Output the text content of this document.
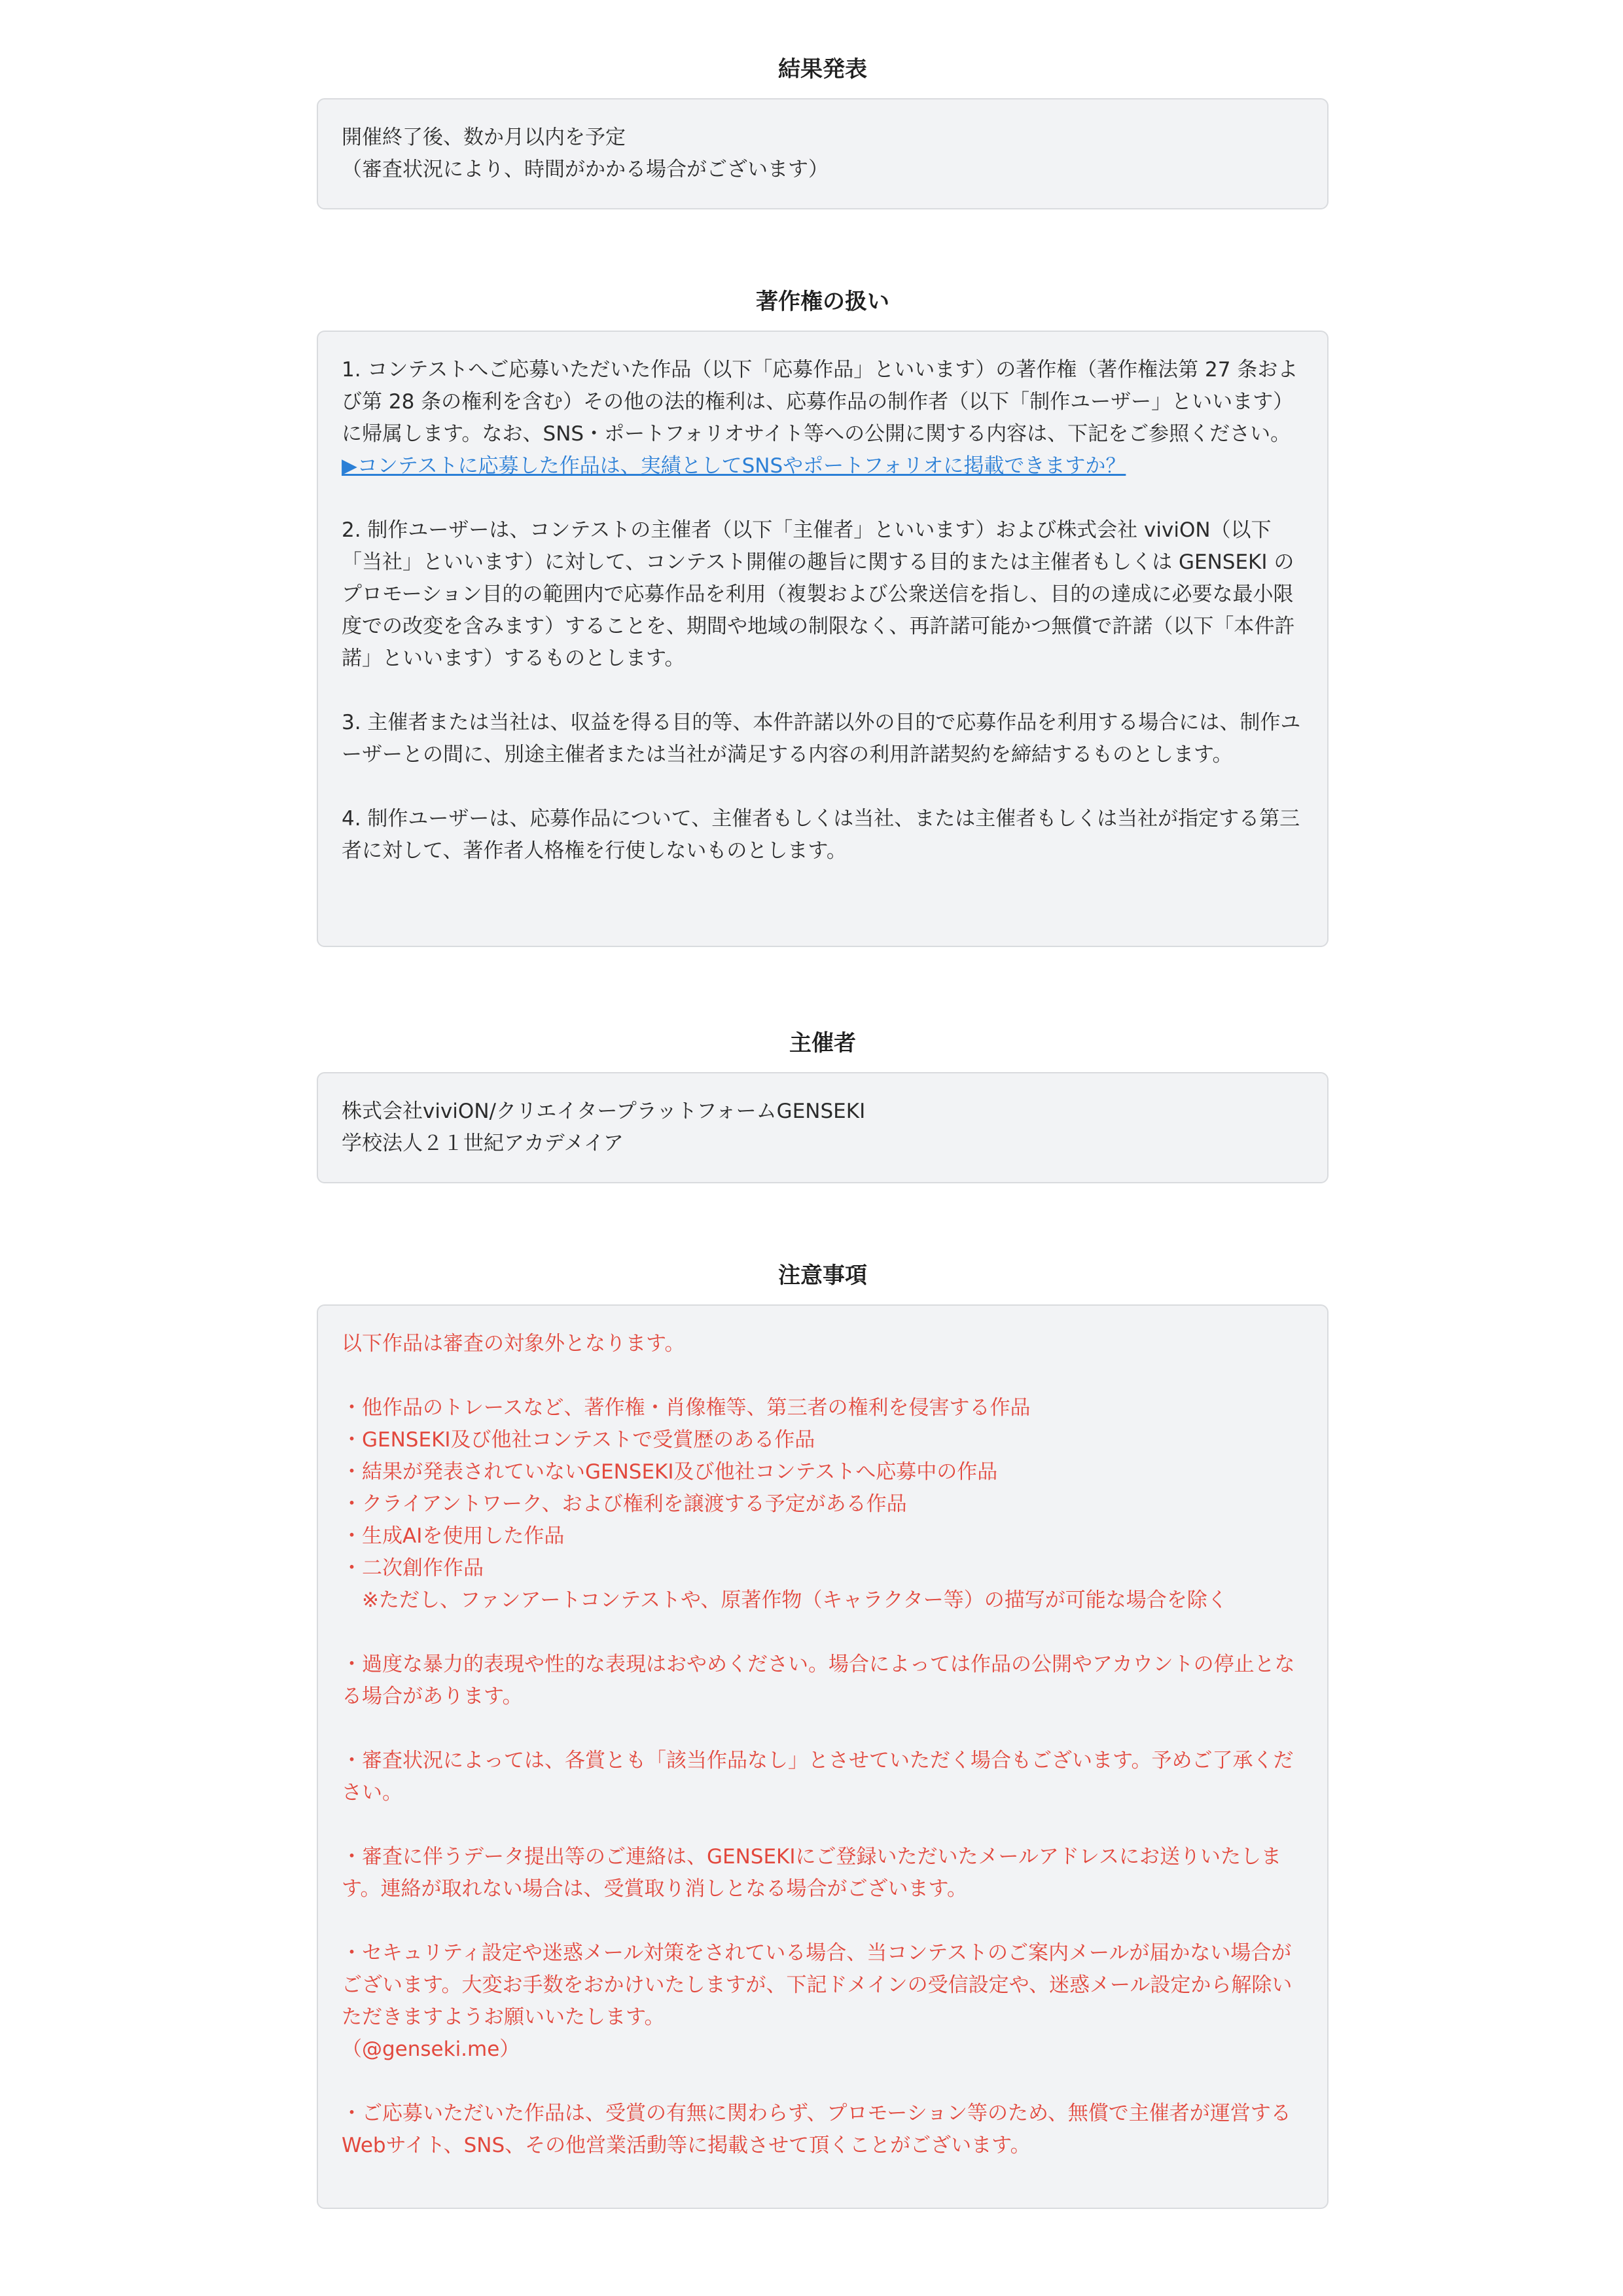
結果発表

開催終了後、数か月以内を予定

（審査状況により、時間がかかる場合がございます）

著作権の扱い

1. コンテストへご応募いただいた作品（以下「応募作品」といいます）の著作権（著作権法第 27 条および第 28 条の権利を含む）その他の法的権利は、応募作品の制作者（以下「制作ユーザー」といいます）に帰属します。なお、SNS・ポートフォリオサイト等への公開に関する内容は、下記をご参照ください。

▶コンテストに応募した作品は、実績としてSNSやポートフォリオに掲載できますか？

2. 制作ユーザーは、コンテストの主催者（以下「主催者」といいます）および株式会社 viviON（以下「当社」といいます）に対して、コンテスト開催の趣旨に関する目的または主催者もしくは GENSEKI のプロモーション目的の範囲内で応募作品を利用（複製および公衆送信を指し、目的の達成に必要な最小限度での改変を含みます）することを、期間や地域の制限なく、再許諾可能かつ無償で許諾（以下「本件許諾」といいます）するものとします。

3. 主催者または当社は、収益を得る目的等、本件許諾以外の目的で応募作品を利用する場合には、制作ユーザーとの間に、別途主催者または当社が満足する内容の利用許諾契約を締結するものとします。

4. 制作ユーザーは、応募作品について、主催者もしくは当社、または主催者もしくは当社が指定する第三者に対して、著作者人格権を行使しないものとします。

主催者

株式会社viviON/クリエイタープラットフォームGENSEKI

学校法人２１世紀アカデメイア

注意事項

以下作品は審査の対象外となります。

・他作品のトレースなど、著作権・肖像権等、第三者の権利を侵害する作品

・GENSEKI及び他社コンテストで受賞歴のある作品

・結果が発表されていないGENSEKI及び他社コンテストへ応募中の作品

・クライアントワーク、および権利を譲渡する予定がある作品

・生成AIを使用した作品

・二次創作作品

　※ただし、ファンアートコンテストや、原著作物（キャラクター等）の描写が可能な場合を除く

・過度な暴力的表現や性的な表現はおやめください。場合によっては作品の公開やアカウントの停止となる場合があります。

・審査状況によっては、各賞とも「該当作品なし」とさせていただく場合もございます。予めご了承ください。

・審査に伴うデータ提出等のご連絡は、GENSEKIにご登録いただいたメールアドレスにお送りいたします。連絡が取れない場合は、受賞取り消しとなる場合がございます。

・セキュリティ設定や迷惑メール対策をされている場合、当コンテストのご案内メールが届かない場合がございます。大変お手数をおかけいたしますが、下記ドメインの受信設定や、迷惑メール設定から解除いただきますようお願いいたします。

（@genseki.me）

・ご応募いただいた作品は、受賞の有無に関わらず、プロモーション等のため、無償で主催者が運営するWebサイト、SNS、その他営業活動等に掲載させて頂くことがございます。
